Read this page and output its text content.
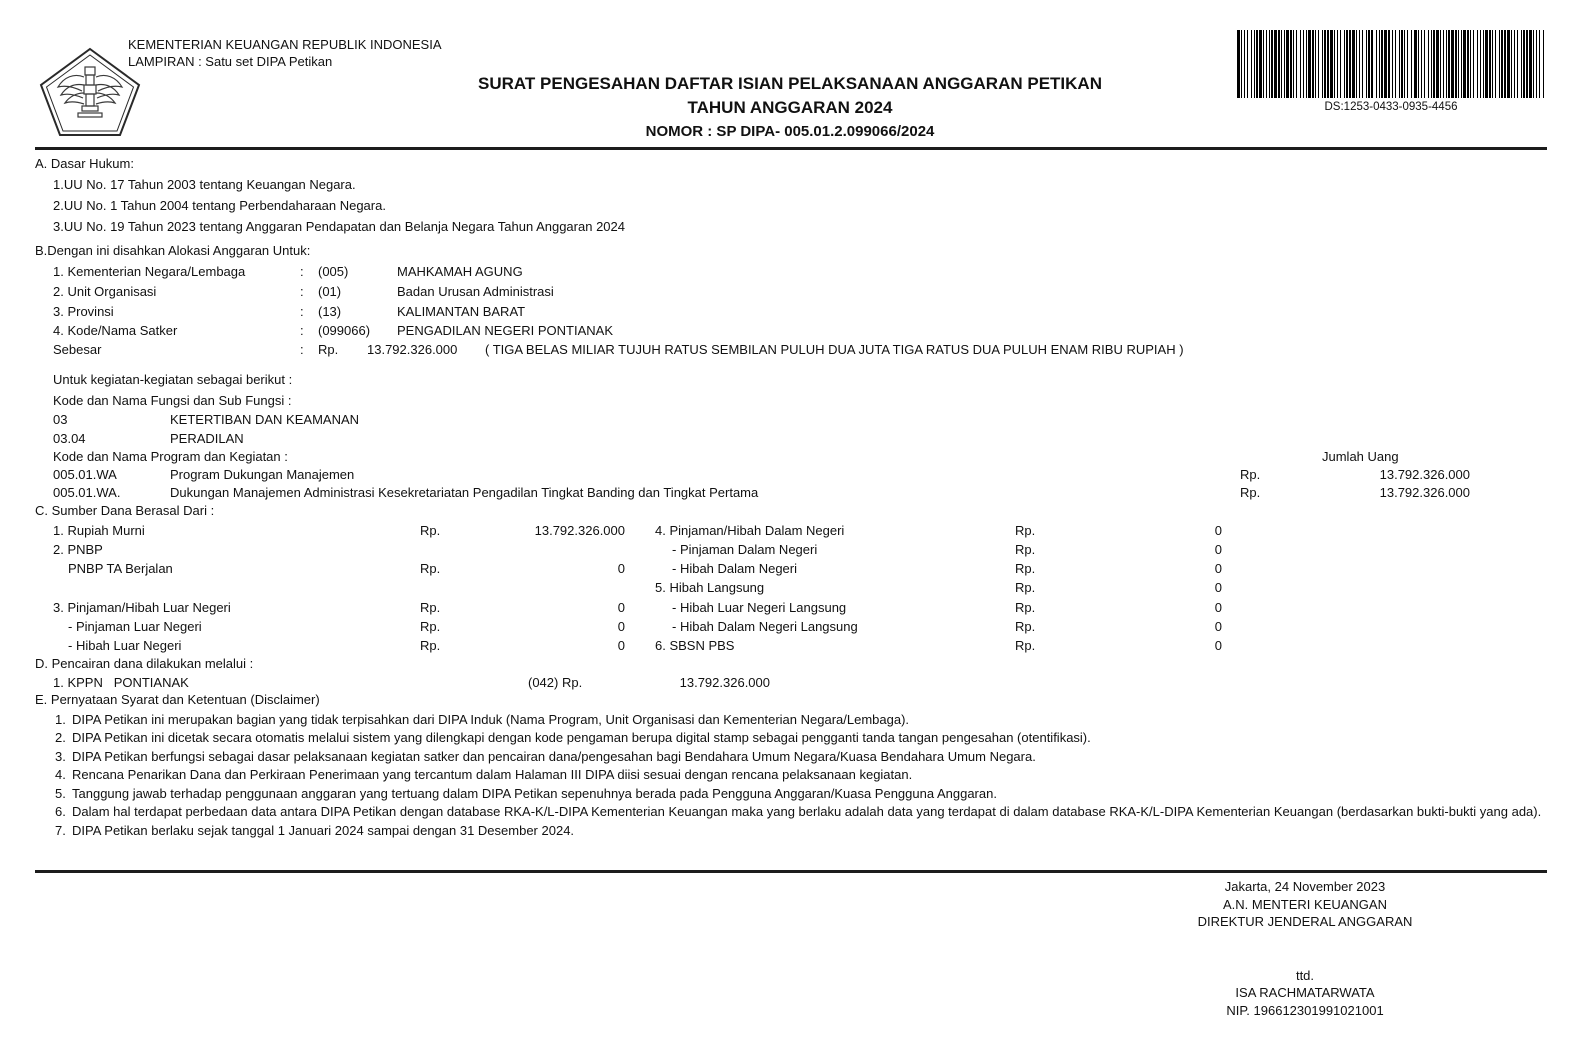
KEMENTERIAN KEUANGAN REPUBLIK INDONESIA
LAMPIRAN : Satu set DIPA Petikan
SURAT PENGESAHAN DAFTAR ISIAN PELAKSANAAN ANGGARAN PETIKAN
TAHUN ANGGARAN 2024
NOMOR : SP DIPA- 005.01.2.099066/2024
DS:1253-0433-0935-4456
A. Dasar Hukum:
1.UU No. 17 Tahun 2003 tentang Keuangan Negara.
2.UU No. 1 Tahun 2004 tentang Perbendaharaan Negara.
3.UU No. 19 Tahun 2023 tentang Anggaran Pendapatan dan Belanja Negara Tahun Anggaran 2024
B.Dengan ini disahkan Alokasi Anggaran Untuk:
1. Kementerian Negara/Lembaga	: (005)	MAHKAMAH AGUNG
2. Unit Organisasi	: (01)	Badan Urusan Administrasi
3. Provinsi	: (13)	KALIMANTAN BARAT
4. Kode/Nama Satker	: (099066) PENGADILAN NEGERI PONTIANAK
Sebesar	: Rp. 13.792.326.000 ( TIGA BELAS MILIAR TUJUH RATUS SEMBILAN PULUH DUA JUTA TIGA RATUS DUA PULUH ENAM RIBU RUPIAH )
Untuk kegiatan-kegiatan sebagai berikut :
Kode dan Nama Fungsi dan Sub Fungsi :
03	KETERTIBAN DAN KEAMANAN
03.04	PERADILAN
Kode dan Nama Program dan Kegiatan :	Jumlah Uang
005.01.WA	Program Dukungan Manajemen	Rp.	13.792.326.000
005.01.WA.	Dukungan Manajemen Administrasi Kesekretariatan Pengadilan Tingkat Banding dan Tingkat Pertama	Rp.	13.792.326.000
C. Sumber Dana Berasal Dari :
1. Rupiah Murni	Rp.	13.792.326.000
2. PNBP
PNBP TA Berjalan	Rp.	0
3. Pinjaman/Hibah Luar Negeri	Rp.	0
- Pinjaman Luar Negeri	Rp.	0
- Hibah Luar Negeri	Rp.	0
4. Pinjaman/Hibah Dalam Negeri	Rp.	0
- Pinjaman Dalam Negeri	Rp.	0
- Hibah Dalam Negeri	Rp.	0
5. Hibah Langsung	Rp.	0
- Hibah Luar Negeri Langsung	Rp.	0
- Hibah Dalam Negeri Langsung	Rp.	0
6. SBSN PBS	Rp.	0
D. Pencairan dana dilakukan melalui :
1. KPPN   PONTIANAK	(042) Rp.	13.792.326.000
E. Pernyataan Syarat dan Ketentuan (Disclaimer)
1. DIPA Petikan ini merupakan bagian yang tidak terpisahkan dari DIPA Induk (Nama Program, Unit Organisasi dan Kementerian Negara/Lembaga).
2. DIPA Petikan ini dicetak secara otomatis melalui sistem yang dilengkapi dengan kode pengaman berupa digital stamp sebagai pengganti tanda tangan pengesahan (otentifikasi).
3. DIPA Petikan berfungsi sebagai dasar pelaksanaan kegiatan satker dan pencairan dana/pengesahan bagi Bendahara Umum Negara/Kuasa Bendahara Umum Negara.
4. Rencana Penarikan Dana dan Perkiraan Penerimaan yang tercantum dalam Halaman III DIPA diisi sesuai dengan rencana pelaksanaan kegiatan.
5. Tanggung jawab terhadap penggunaan anggaran yang tertuang dalam DIPA Petikan sepenuhnya berada pada Pengguna Anggaran/Kuasa Pengguna Anggaran.
6. Dalam hal terdapat perbedaan data antara DIPA Petikan dengan database RKA-K/L-DIPA Kementerian Keuangan maka yang berlaku adalah data yang terdapat di dalam database RKA-K/L-DIPA Kementerian Keuangan (berdasarkan bukti-bukti yang ada).
7. DIPA Petikan berlaku sejak tanggal 1 Januari 2024 sampai dengan 31 Desember 2024.
Jakarta, 24 November 2023
A.N. MENTERI KEUANGAN
DIREKTUR JENDERAL ANGGARAN
ttd.
ISA RACHMATARWATA
NIP. 196612301991021001
